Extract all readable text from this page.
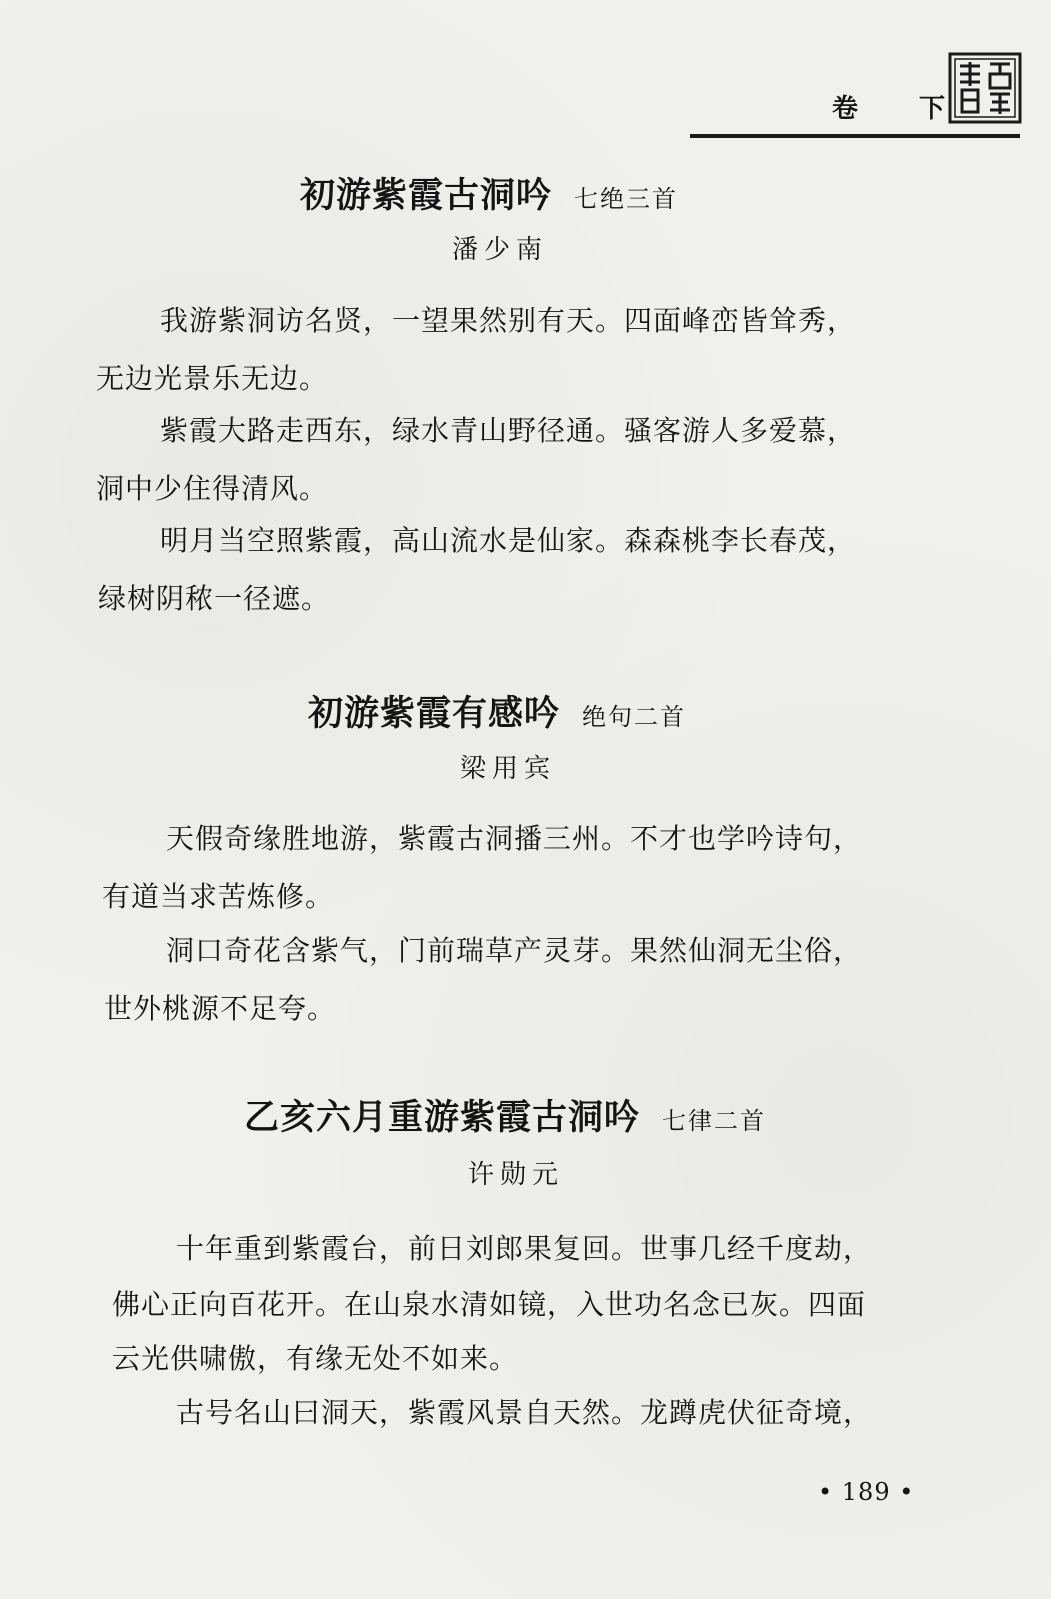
卷 下
初游紫霞古洞吟 七绝三首
潘少南
我游紫洞访名贤，一望果然别有天。四面峰峦皆耸秀，
无边光景乐无边。
紫霞大路走西东，绿水青山野径通。骚客游人多爱慕，
洞中少住得清风。
明月当空照紫霞，高山流水是仙家。森森桃李长春茂，
绿树阴秾一径遮。
初游紫霞有感吟 绝句二首
梁用宾
天假奇缘胜地游，紫霞古洞播三州。不才也学吟诗句，
有道当求苦炼修。
洞口奇花含紫气，门前瑞草产灵芽。果然仙洞无尘俗，
世外桃源不足夸。
乙亥六月重游紫霞古洞吟 七律二首
许勋元
十年重到紫霞台，前日刘郎果复回。世事几经千度劫，
佛心正向百花开。在山泉水清如镜，入世功名念已灰。四面
云光供啸傲，有缘无处不如来。
古号名山曰洞天，紫霞风景自天然。龙蹲虎伏征奇境，
• 189 •
